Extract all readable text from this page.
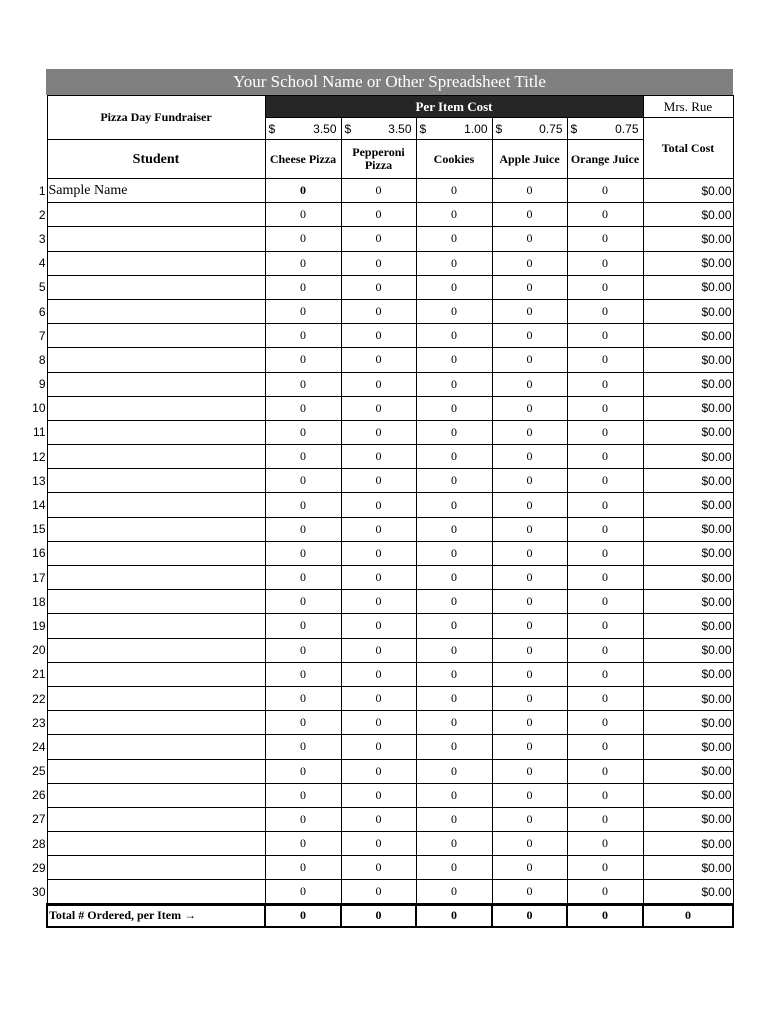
Your School Name or Other Spreadsheet Title
	Pizza Day Fundraiser	Per Item Cost					Mrs. Rue

		$ 3.50	$ 3.50	$ 1.00	$ 0.75	$ 0.75	Total Cost
	Student	Cheese Pizza	Pepperoni Pizza	Cookies	Apple Juice	Orange Juice	
1	Sample Name	0	0	0	0	0	$0.00
2		0	0	0	0	0	$0.00
3		0	0	0	0	0	$0.00
4		0	0	0	0	0	$0.00
5		0	0	0	0	0	$0.00
6		0	0	0	0	0	$0.00
7		0	0	0	0	0	$0.00
8		0	0	0	0	0	$0.00
9		0	0	0	0	0	$0.00
10		0	0	0	0	0	$0.00
11		0	0	0	0	0	$0.00
12		0	0	0	0	0	$0.00
13		0	0	0	0	0	$0.00
14		0	0	0	0	0	$0.00
15		0	0	0	0	0	$0.00
16		0	0	0	0	0	$0.00
17		0	0	0	0	0	$0.00
18		0	0	0	0	0	$0.00
19		0	0	0	0	0	$0.00
20		0	0	0	0	0	$0.00
21		0	0	0	0	0	$0.00
22		0	0	0	0	0	$0.00
23		0	0	0	0	0	$0.00
24		0	0	0	0	0	$0.00
25		0	0	0	0	0	$0.00
26		0	0	0	0	0	$0.00
27		0	0	0	0	0	$0.00
28		0	0	0	0	0	$0.00
29		0	0	0	0	0	$0.00
30		0	0	0	0	0	$0.00
	Total # Ordered, per Item →	0	0	0	0	0	0
